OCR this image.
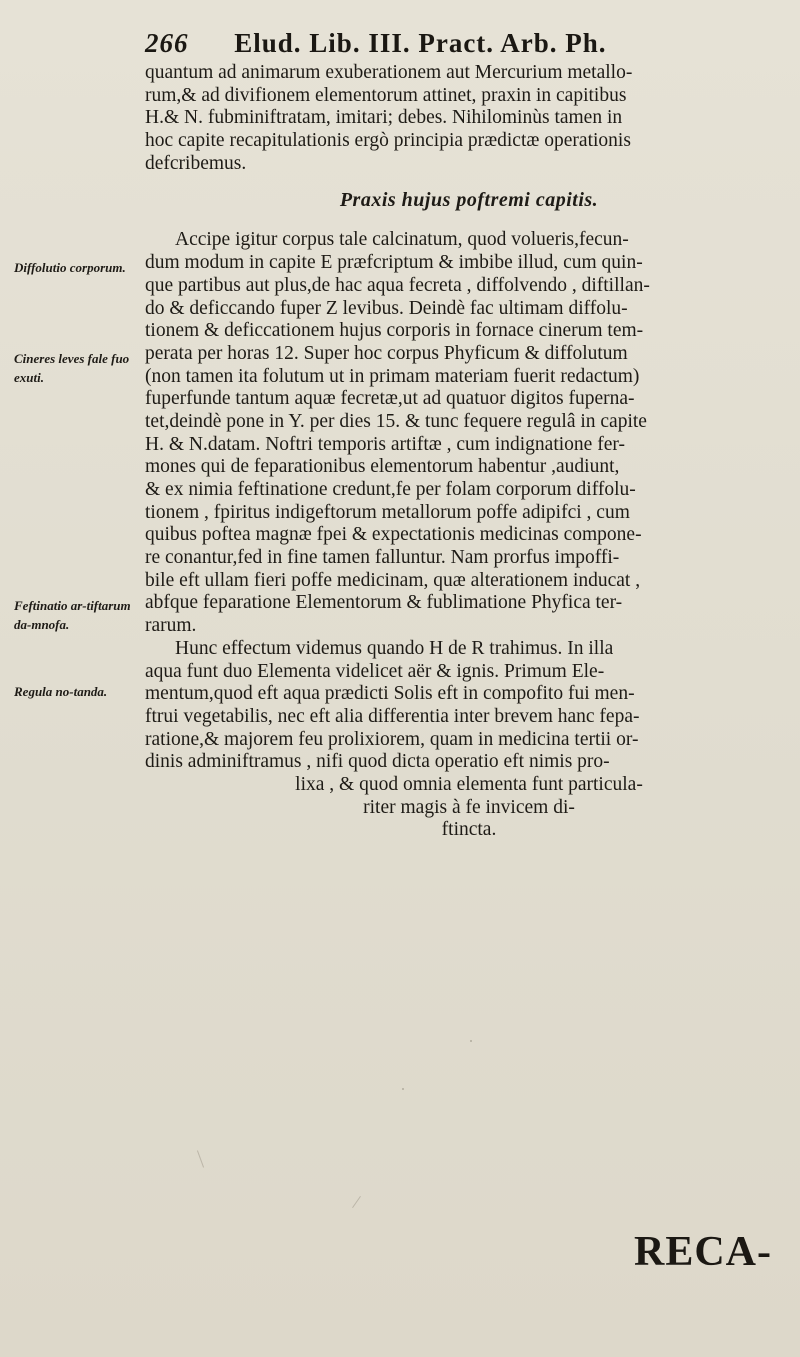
266 Elud. Lib. III. Pract. Arb. Ph.
quantum ad animarum exuberationem aut Mercurium metallo-
rum,& ad divifionem elementorum attinet, praxin in capitibus
H.& N. fubminiftratam, imitari; debes. Nihilominùs tamen in
hoc capite recapitulationis ergò principia prædictæ operationis
defcribemus.
Praxis hujus poftremi capitis.
Accipe igitur corpus tale calcinatum, quod volueris,fecun-
dum modum in capite E præfcriptum & imbibe illud, cum quin-
que partibus aut plus,de hac aqua fecreta , diffolvendo , diftillan-
do & deficcando fuper Z levibus. Deindè fac ultimam diffolu-
tionem & deficcationem hujus corporis in fornace cinerum tem-
perata per horas 12. Super hoc corpus Phyficum & diffolutum
(non tamen ita folutum ut in primam materiam fuerit redactum)
fuperfunde tantum aquæ fecretæ,ut ad quatuor digitos fuperna-
tet,deindè pone in Y. per dies 15. & tunc fequere regulâ in capite
H. & N.datam. Noftri temporis artiftæ , cum indignatione fer-
mones qui de feparationibus elementorum habentur ,audiunt,
& ex nimia feftinatione credunt,fe per folam corporum diffolu-
tionem , fpiritus indigeftorum metallorum poffe adipifci , cum
quibus poftea magnæ fpei & expectationis medicinas compone-
re conantur,fed in fine tamen falluntur. Nam prorfus impoffi-
bile eft ullam fieri poffe medicinam, quæ alterationem inducat ,
abfque feparatione Elementorum & fublimatione Phyfica ter-
rarum.
Hunc effectum videmus quando H de R trahimus. In illa
aqua funt duo Elementa videlicet aër & ignis. Primum Ele-
mentum,quod eft aqua prædicti Solis eft in compofito fui men-
ftrui vegetabilis, nec eft alia differentia inter brevem hanc fepa-
ratione,& majorem feu prolixiorem, quam in medicina tertii or-
dinis adminiftramus , nifi quod dicta operatio eft nimis pro-
lixa , & quod omnia elementa funt particula-
riter magis à fe invicem di-
ftincta.
Diffolutio corporum.
Cineres leves fale fuo exuti.
Feftinatio ar-tiftarum da-mnofa.
Regula no-tanda.
RECA-
